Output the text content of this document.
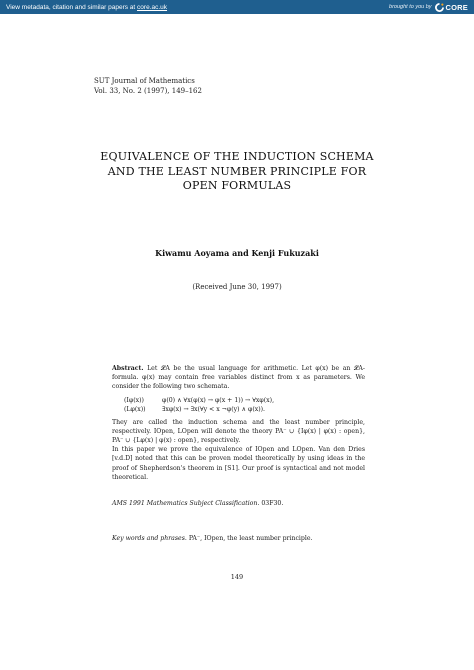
View metadata, citation and similar papers at core.ac.uk	brought to you by CORE
SUT Journal of Mathematics
Vol. 33, No. 2 (1997), 149–162
EQUIVALENCE OF THE INDUCTION SCHEMA
AND THE LEAST NUMBER PRINCIPLE FOR
OPEN FORMULAS
Kiwamu Aoyama and Kenji Fukuzaki
(Received June 30, 1997)

Abstract. Let 𝓛A be the usual language for arithmetic. Let φ(x) be an 𝓛A-formula. φ(x) may contain free variables distinct from x as parameters. We consider the following two schemata.

(Iφ(x))	φ(0) ∧ ∀x(φ(x) → φ(x + 1)) → ∀xφ(x),
(Lφ(x))	∃xφ(x) → ∃x(∀y < x ¬φ(y) ∧ φ(x)).

They are called the induction schema and the least number principle, respectively. IOpen, LOpen will denote the theory PA⁻ ∪ {Iφ(x) | φ(x) : open}, PA⁻ ∪ {Lφ(x) | φ(x) : open}, respectively.

In this paper we prove the equivalence of IOpen and LOpen. Van den Dries [v.d.D] noted that this can be proven model theoretically by using ideas in the proof of Shepherdson's theorem in [S1]. Our proof is syntactical and not model theoretical.

AMS 1991 Mathematics Subject Classification. 03F30.
Key words and phrases. PA⁻, IOpen, the least number principle.
149
